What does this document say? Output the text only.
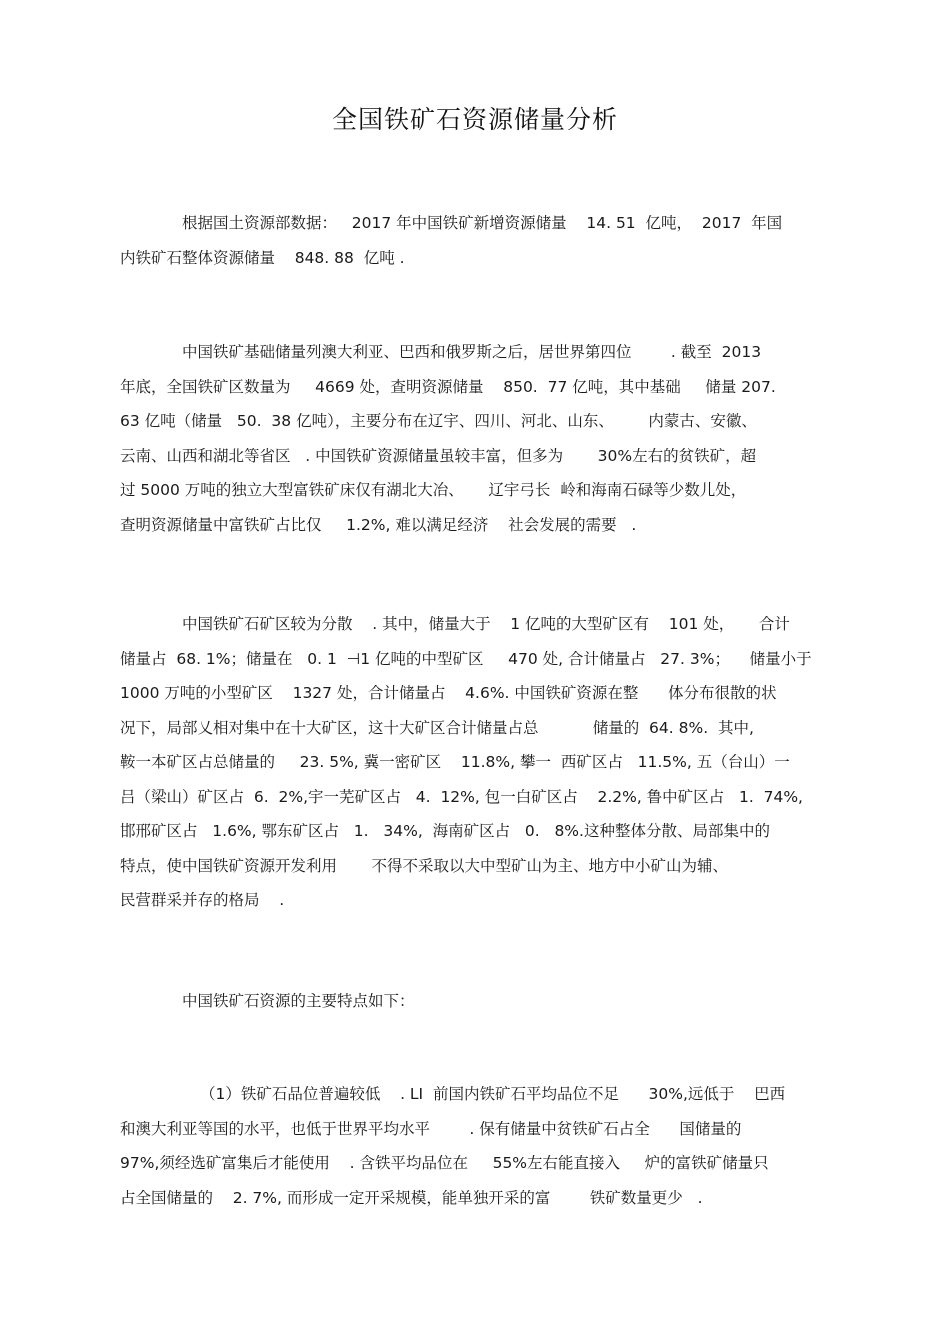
全国铁矿石资源储量分析
根据国土资源部数据：   2017 年中国铁矿新增资源储量    14. 51  亿吨，  2017  年国
内铁矿石整体资源储量    848. 88  亿吨 .
中国铁矿基础储量列澳大利亚、巴西和俄罗斯之后，居世界第四位        . 截至  2013
年底，全国铁矿区数量为     4669 处，查明资源储量    850.  77 亿吨，其中基础     储量 207.
63 亿吨（储量   50.  38 亿吨），主要分布在辽宇、四川、河北、山东、       内蒙古、安徽、
云南、山西和湖北等省区   . 中国铁矿资源储量虽较丰富，但多为       30%左右的贫铁矿，超
过 5000 万吨的独立大型富铁矿床仅有湖北大冶、     辽宇弓长  岭和海南石碌等少数儿处，
查明资源储量中富铁矿占比仅     1.2%, 难以满足经济    社会发展的需要   .
中国铁矿石矿区较为分散    . 其中，储量大于    1 亿吨的大型矿区有    101 处，     合计
储量占  68. 1%；储量在   0. 1  ⊣1 亿吨的中型矿区     470 处, 合计储量占   27. 3%；    储量小于
1000 万吨的小型矿区    1327 处，合计储量占    4.6%. 中国铁矿资源在整      体分布很散的状
况下，局部乂相对集中在十大矿区，这十大矿区合计储量占总           储量的  64. 8%.  其中,
鞍一本矿区占总储量的     23. 5%, 冀一密矿区    11.8%, 攀一  西矿区占   11.5%, 五（台山）一
吕（梁山）矿区占  6.  2%,宇一芜矿区占   4.  12%, 包一白矿区占    2.2%, 鲁中矿区占   1.  74%,
邯邢矿区占   1.6%, 鄂东矿区占   1.   34%,  海南矿区占   0.   8%.这种整体分散、局部集中的
特点，使中国铁矿资源开发利用       不得不采取以大中型矿山为主、地方中小矿山为辅、
民营群采并存的格局    .
中国铁矿石资源的主要特点如下：
（1）铁矿石品位普遍较低    . LI  前国内铁矿石平均品位不足      30%,远低于    巴西
和澳大利亚等国的水平，也低于世界平均水平        . 保有储量中贫铁矿石占全      国储量的
97%,须经选矿富集后才能使用    . 含铁平均品位在     55%左右能直接入     炉的富铁矿储量只
占全国储量的    2. 7%, 而形成一定开采规模，能单独开采的富        铁矿数量更少   .
